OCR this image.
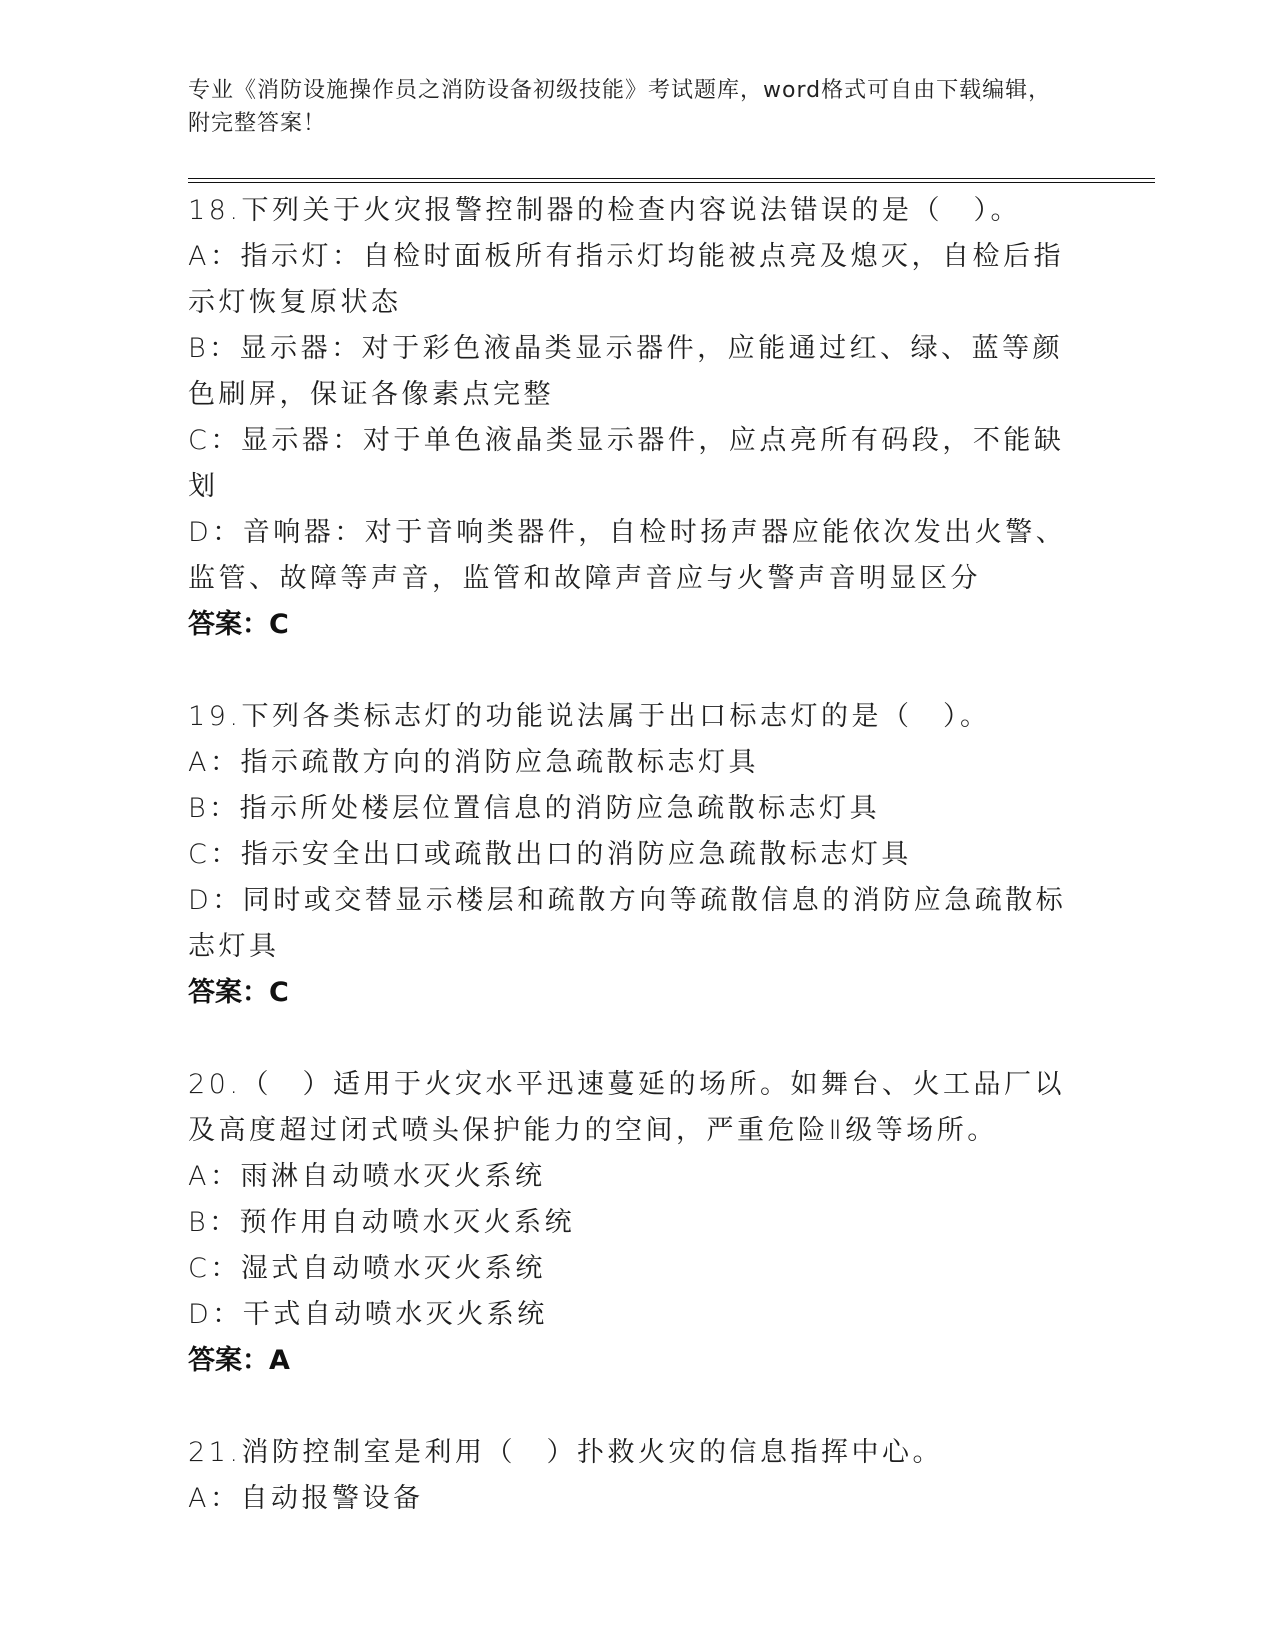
专业《消防设施操作员之消防设备初级技能》考试题库，word格式可自由下载编辑，附完整答案！

18.下列关于火灾报警控制器的检查内容说法错误的是（　）。

A：指示灯：自检时面板所有指示灯均能被点亮及熄灭，自检后指示灯恢复原状态

B：显示器：对于彩色液晶类显示器件，应能通过红、绿、蓝等颜色刷屏，保证各像素点完整

C：显示器：对于单色液晶类显示器件，应点亮所有码段，不能缺划

D：音响器：对于音响类器件，自检时扬声器应能依次发出火警、监管、故障等声音，监管和故障声音应与火警声音明显区分

答案：C

19.下列各类标志灯的功能说法属于出口标志灯的是（　）。

A：指示疏散方向的消防应急疏散标志灯具

B：指示所处楼层位置信息的消防应急疏散标志灯具

C：指示安全出口或疏散出口的消防应急疏散标志灯具

D：同时或交替显示楼层和疏散方向等疏散信息的消防应急疏散标志灯具

答案：C

20.（　）适用于火灾水平迅速蔓延的场所。如舞台、火工品厂以及高度超过闭式喷头保护能力的空间，严重危险Ⅱ级等场所。

A：雨淋自动喷水灭火系统

B：预作用自动喷水灭火系统

C：湿式自动喷水灭火系统

D：干式自动喷水灭火系统

答案：A

21.消防控制室是利用（　）扑救火灾的信息指挥中心。

A：自动报警设备
